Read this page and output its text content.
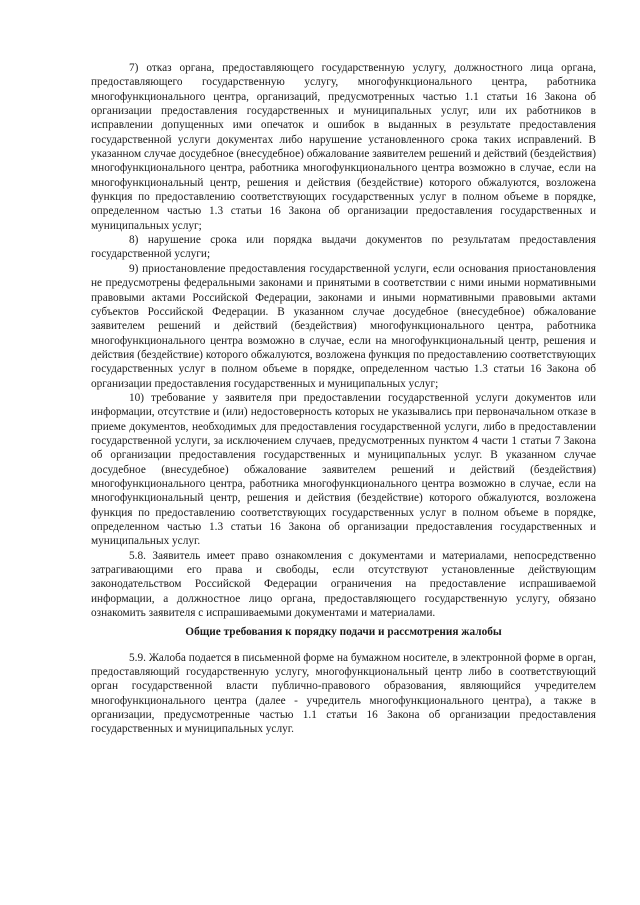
7) отказ органа, предоставляющего государственную услугу, должностного лица органа, предоставляющего государственную услугу, многофункционального центра, работника многофункционального центра, организаций, предусмотренных частью 1.1 статьи 16 Закона об организации предоставления государственных и муниципальных услуг, или их работников в исправлении допущенных ими опечаток и ошибок в выданных в результате предоставления государственной услуги документах либо нарушение установленного срока таких исправлений. В указанном случае досудебное (внесудебное) обжалование заявителем решений и действий (бездействия) многофункционального центра, работника многофункционального центра возможно в случае, если на многофункциональный центр, решения и действия (бездействие) которого обжалуются, возложена функция по предоставлению соответствующих государственных услуг в полном объеме в порядке, определенном частью 1.3 статьи 16 Закона об организации предоставления государственных и муниципальных услуг;

8) нарушение срока или порядка выдачи документов по результатам предоставления государственной услуги;

9) приостановление предоставления государственной услуги, если основания приостановления не предусмотрены федеральными законами и принятыми в соответствии с ними иными нормативными правовыми актами Российской Федерации, законами и иными нормативными правовыми актами субъектов Российской Федерации. В указанном случае досудебное (внесудебное) обжалование заявителем решений и действий (бездействия) многофункционального центра, работника многофункционального центра возможно в случае, если на многофункциональный центр, решения и действия (бездействие) которого обжалуются, возложена функция по предоставлению соответствующих государственных услуг в полном объеме в порядке, определенном частью 1.3 статьи 16 Закона об организации предоставления государственных и муниципальных услуг;

10) требование у заявителя при предоставлении государственной услуги документов или информации, отсутствие и (или) недостоверность которых не указывались при первоначальном отказе в приеме документов, необходимых для предоставления государственной услуги, либо в предоставлении государственной услуги, за исключением случаев, предусмотренных пунктом 4 части 1 статьи 7 Закона об организации предоставления государственных и муниципальных услуг. В указанном случае досудебное (внесудебное) обжалование заявителем решений и действий (бездействия) многофункционального центра, работника многофункционального центра возможно в случае, если на многофункциональный центр, решения и действия (бездействие) которого обжалуются, возложена функция по предоставлению соответствующих государственных услуг в полном объеме в порядке, определенном частью 1.3 статьи 16 Закона об организации предоставления государственных и муниципальных услуг.

5.8. Заявитель имеет право ознакомления с документами и материалами, непосредственно затрагивающими его права и свободы, если отсутствуют установленные действующим законодательством Российской Федерации ограничения на предоставление испрашиваемой информации, а должностное лицо органа, предоставляющего государственную услугу, обязано ознакомить заявителя с испрашиваемыми документами и материалами.

Общие требования к порядку подачи и рассмотрения жалобы

5.9. Жалоба подается в письменной форме на бумажном носителе, в электронной форме в орган, предоставляющий государственную услугу, многофункциональный центр либо в соответствующий орган государственной власти публично-правового образования, являющийся учредителем многофункционального центра (далее - учредитель многофункционального центра), а также в организации, предусмотренные частью 1.1 статьи 16 Закона об организации предоставления государственных и муниципальных услуг.
